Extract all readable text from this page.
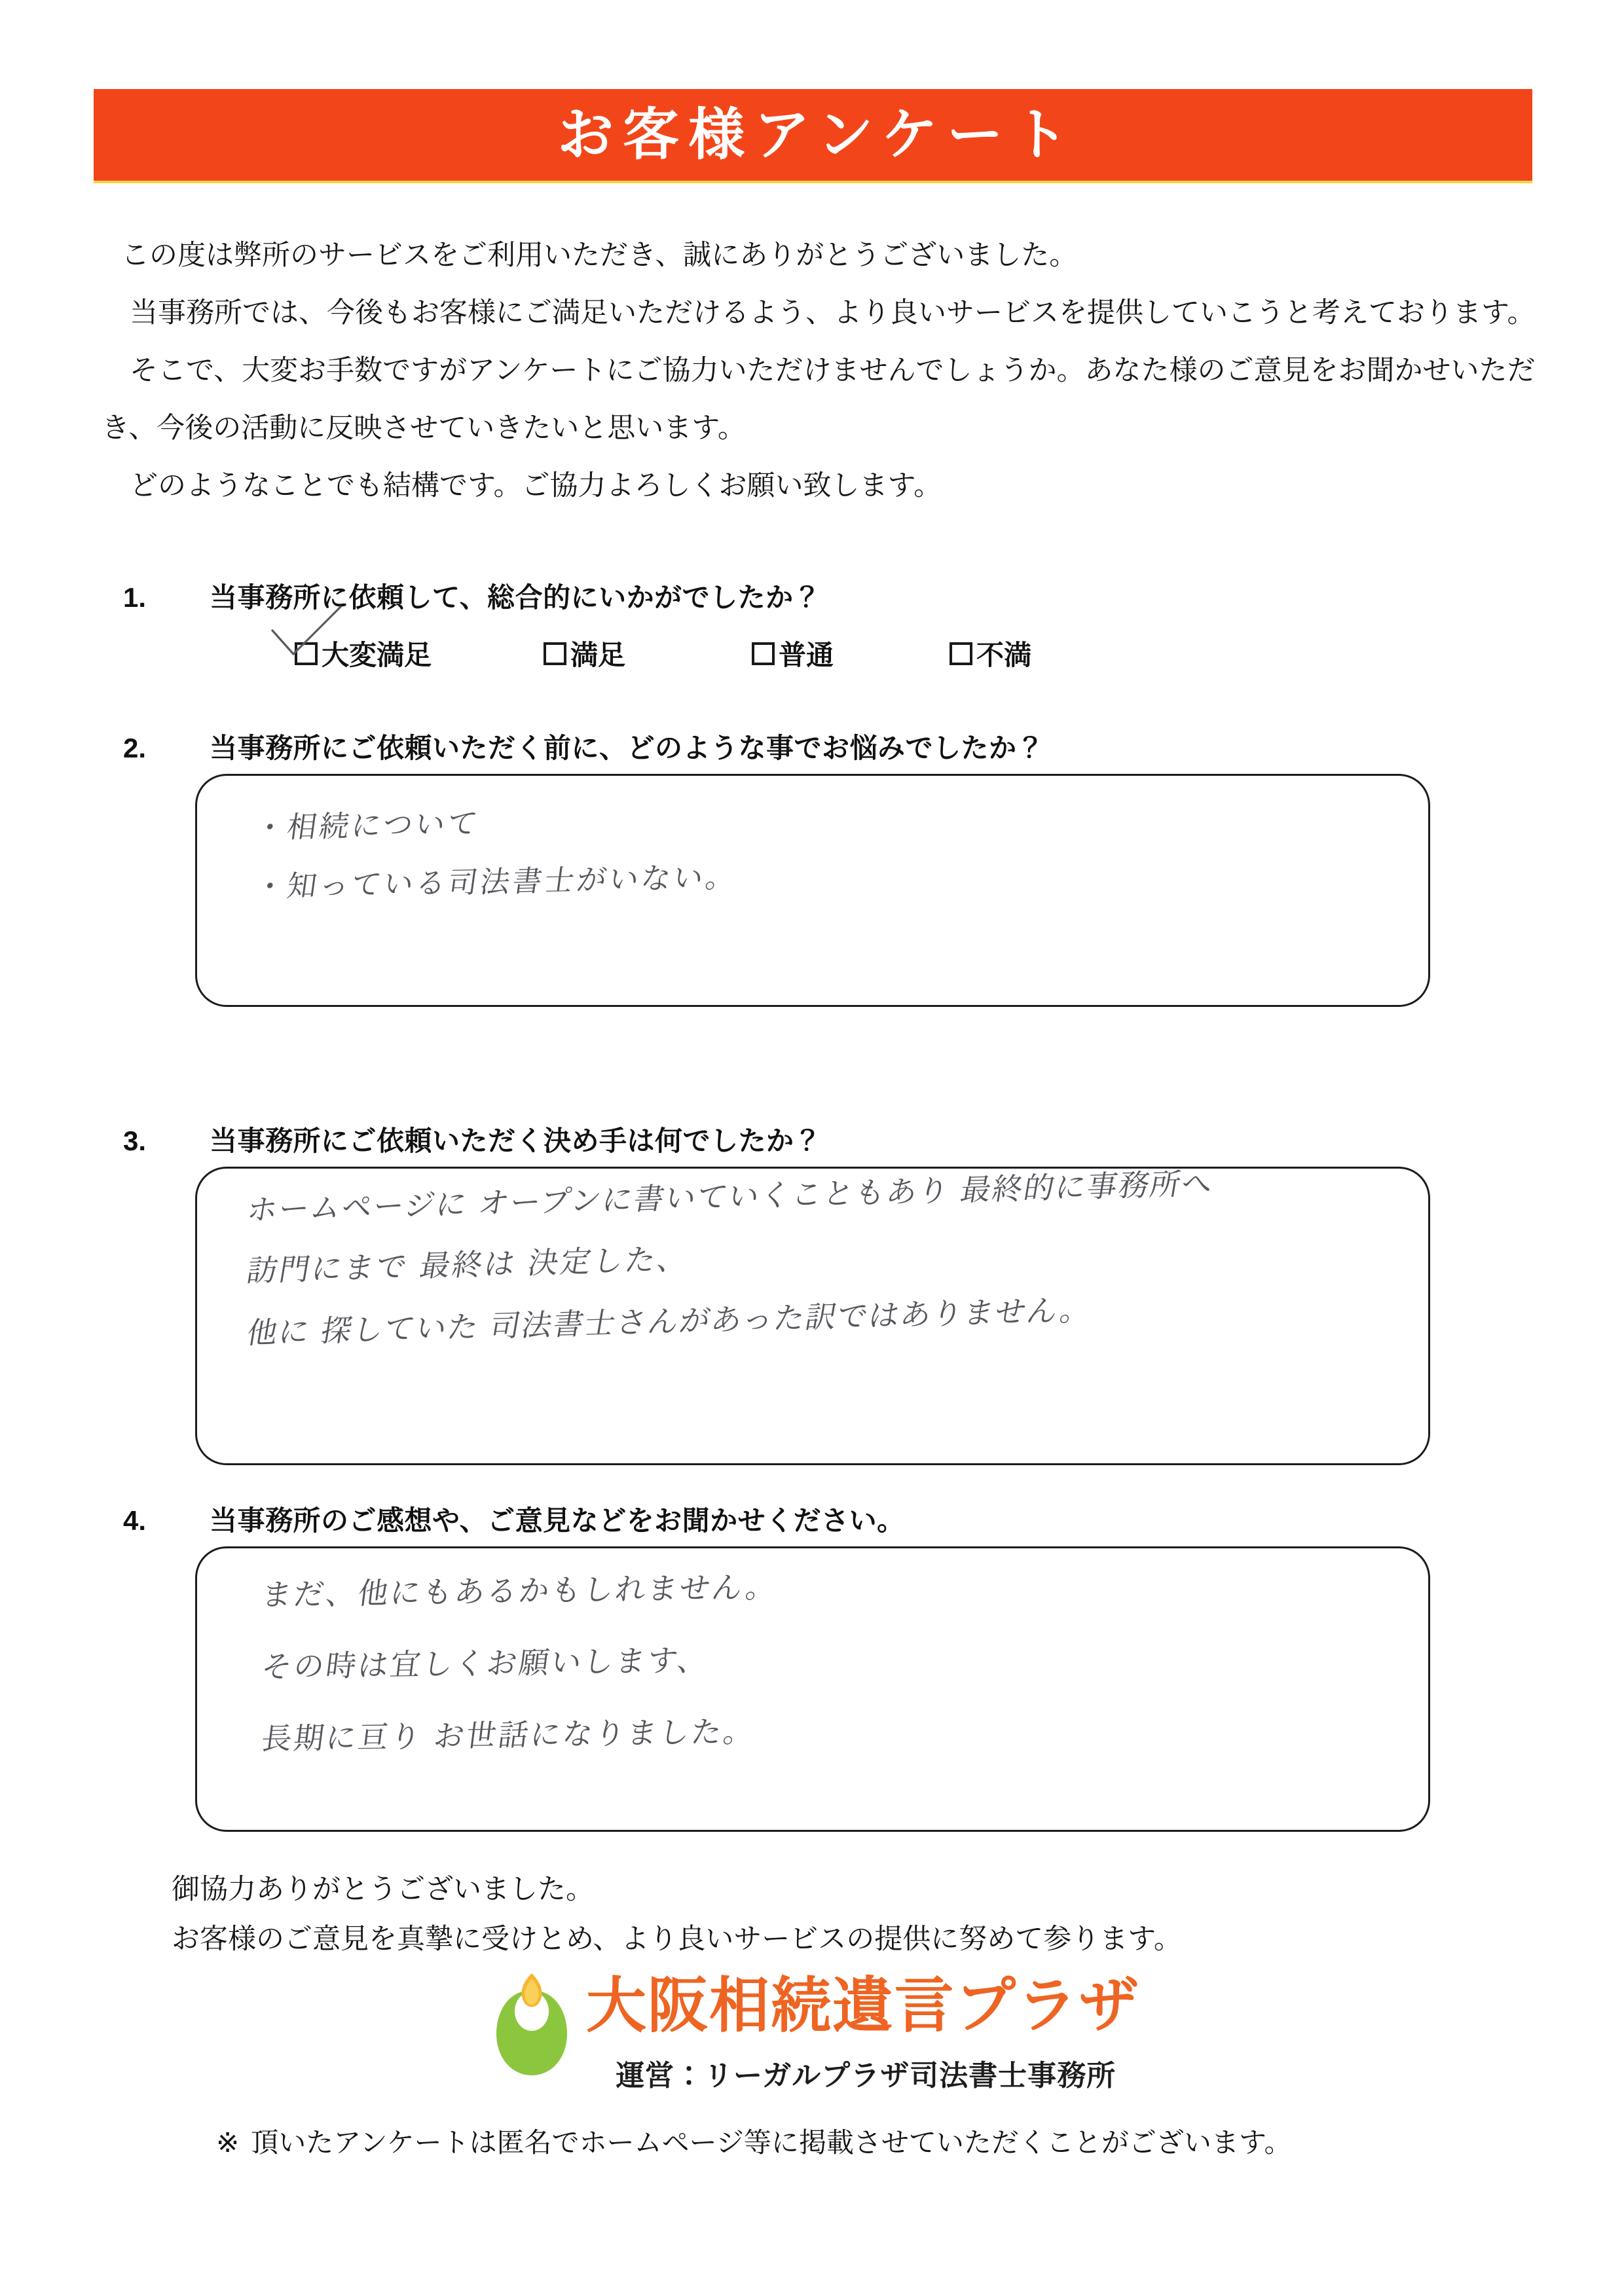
お客様アンケート

この度は弊所のサービスをご利用いただき、誠にありがとうございました。

当事務所では、今後もお客様にご満足いただけるよう、より良いサービスを提供していこうと考えております。

そこで、大変お手数ですがアンケートにご協力いただけませんでしょうか。あなた様のご意見をお聞かせいただき、今後の活動に反映させていきたいと思います。

どのようなことでも結構です。ご協力よろしくお願い致します。

1.	当事務所に依頼して、総合的にいかがでしたか？
大変満足	満足	普通	不満
2.	当事務所にご依頼いただく前に、どのような事でお悩みでしたか？
・相続について
・知っている司法書士がいない。
3.	当事務所にご依頼いただく決め手は何でしたか？
ホームページに オープンに書いていくこともあり 最終的に事務所へ
訪門にまで 最終は 決定した、
他に 探していた 司法書士さんがあった訳ではありません。
4.	当事務所のご感想や、ご意見などをお聞かせください。
まだ、他にもあるかもしれません。
その時は宜しくお願いします、
長期に亘り お世話になりました。

御協力ありがとうございました。

お客様のご意見を真摯に受けとめ、より良いサービスの提供に努めて参ります。

大阪相続遺言プラザ
運営：リーガルプラザ司法書士事務所
※ 頂いたアンケートは匿名でホームページ等に掲載させていただくことがございます。
